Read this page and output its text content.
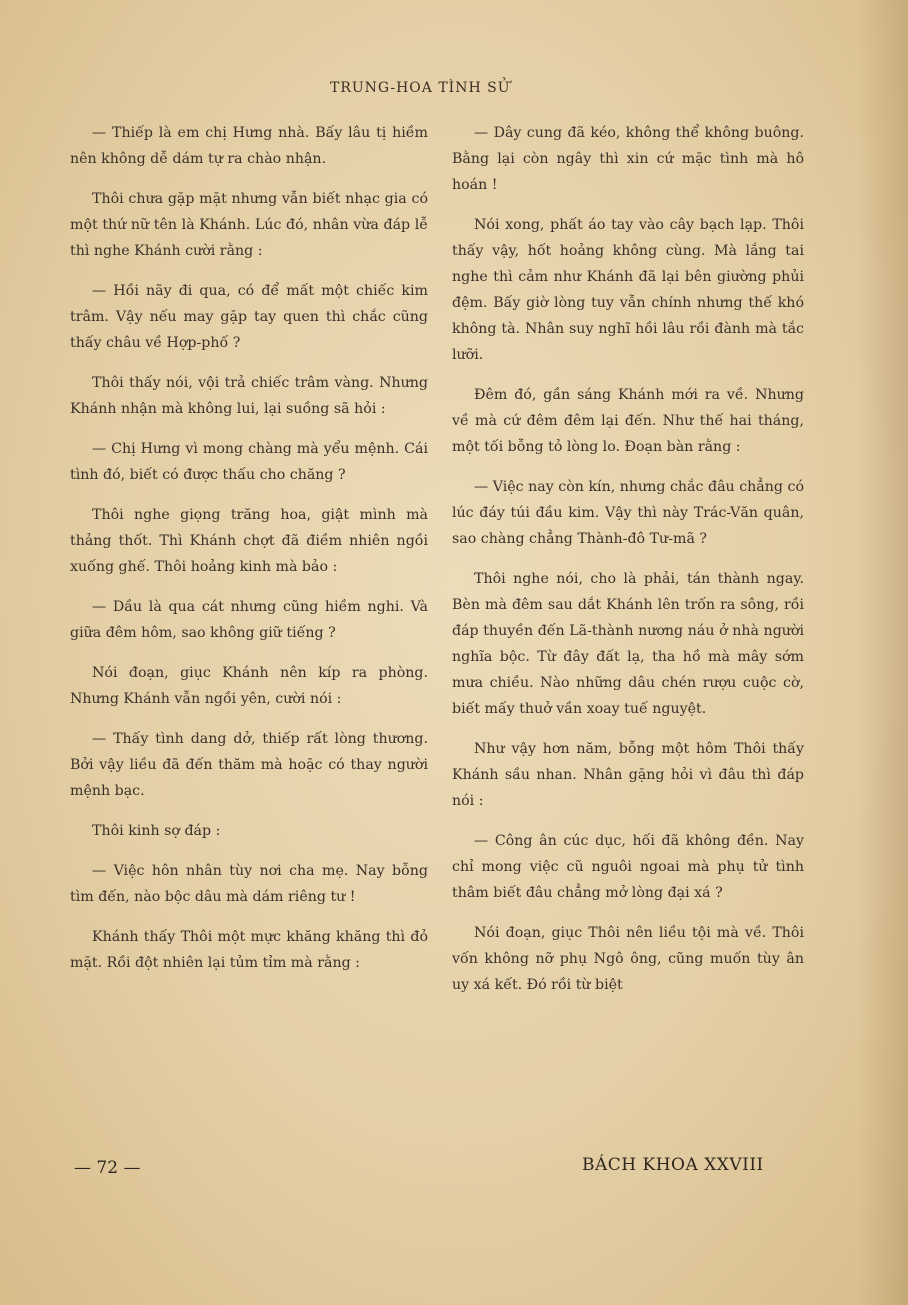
TRUNG-HOA TÌNH SỬ

— Thiếp là em chị Hưng nhà. Bấy lâu tị hiềm nên không dễ dám tự ra chào nhận.

Thôi chưa gặp mặt nhưng vẫn biết nhạc gia có một thứ nữ tên là Khánh. Lúc đó, nhân vừa đáp lễ thì nghe Khánh cười rằng :

— Hồi nãy đi qua, có để mất một chiếc kim trâm. Vậy nếu may gặp tay quen thì chắc cũng thấy châu về Hợp-phố ?

Thôi thấy nói, vội trả chiếc trâm vàng. Nhưng Khánh nhận mà không lui, lại suồng sã hỏi :

— Chị Hưng vì mong chàng mà yểu mệnh. Cái tình đó, biết có được thấu cho chăng ?

Thôi nghe giọng trăng hoa, giật mình mà thảng thốt. Thì Khánh chợt đã điềm nhiên ngồi xuống ghế. Thôi hoảng kinh mà bảo :

— Dầu là qua cát nhưng cũng hiềm nghi. Và giữa đêm hôm, sao không giữ tiếng ?

Nói đoạn, giục Khánh nên kíp ra phòng. Nhưng Khánh vẫn ngồi yên, cười nói :

— Thấy tình dang dở, thiếp rất lòng thương. Bởi vậy liều đã đến thăm mà hoặc có thay người mệnh bạc.

Thôi kinh sợ đáp :

— Việc hôn nhân tùy nơi cha mẹ. Nay bỗng tìm đến, nào bộc dâu mà dám riêng tư !

Khánh thấy Thôi một mực khăng khăng thì đỏ mặt. Rồi đột nhiên lại tủm tỉm mà rằng :

— Dây cung đã kéo, không thể không buông. Bằng lại còn ngây thì xin cứ mặc tình mà hô hoán !

Nói xong, phất áo tay vào cây bạch lạp. Thôi thấy vậy, hốt hoảng không cùng. Mà lắng tai nghe thì cảm như Khánh đã lại bên giường phủi đệm. Bấy giờ lòng tuy vẫn chính nhưng thế khó không tà. Nhân suy nghĩ hồi lâu rồi đành mà tắc lưỡi.

Đêm đó, gần sáng Khánh mới ra về. Nhưng về mà cứ đêm đêm lại đến. Như thế hai tháng, một tối bỗng tỏ lòng lo. Đoạn bàn rằng :

— Việc nay còn kín, nhưng chắc đâu chẳng có lúc đáy túi đầu kim. Vậy thì này Trác-Văn quân, sao chàng chẳng Thành-đô Tư-mã ?

Thôi nghe nói, cho là phải, tán thành ngay. Bèn mà đêm sau dắt Khánh lên trốn ra sông, rồi đáp thuyền đến Lã-thành nương náu ở nhà người nghĩa bộc. Từ đây đất lạ, tha hồ mà mây sớm mưa chiều. Nào những dâu chén rượu cuộc cờ, biết mấy thuở vần xoay tuế nguyệt.

Như vậy hơn năm, bỗng một hôm Thôi thấy Khánh sầu nhan. Nhân gặng hỏi vì đâu thì đáp nói :

— Công ân cúc dục, hối đã không đền. Nay chỉ mong việc cũ nguôi ngoai mà phụ tử tình thâm biết đâu chẳng mở lòng đại xá ?

Nói đoạn, giục Thôi nên liều tội mà về. Thôi vốn không nỡ phụ Ngô ông, cũng muốn tùy ân uy xá kết. Đó rồi từ biệt

— 72 —	BÁCH KHOA XXVIII
